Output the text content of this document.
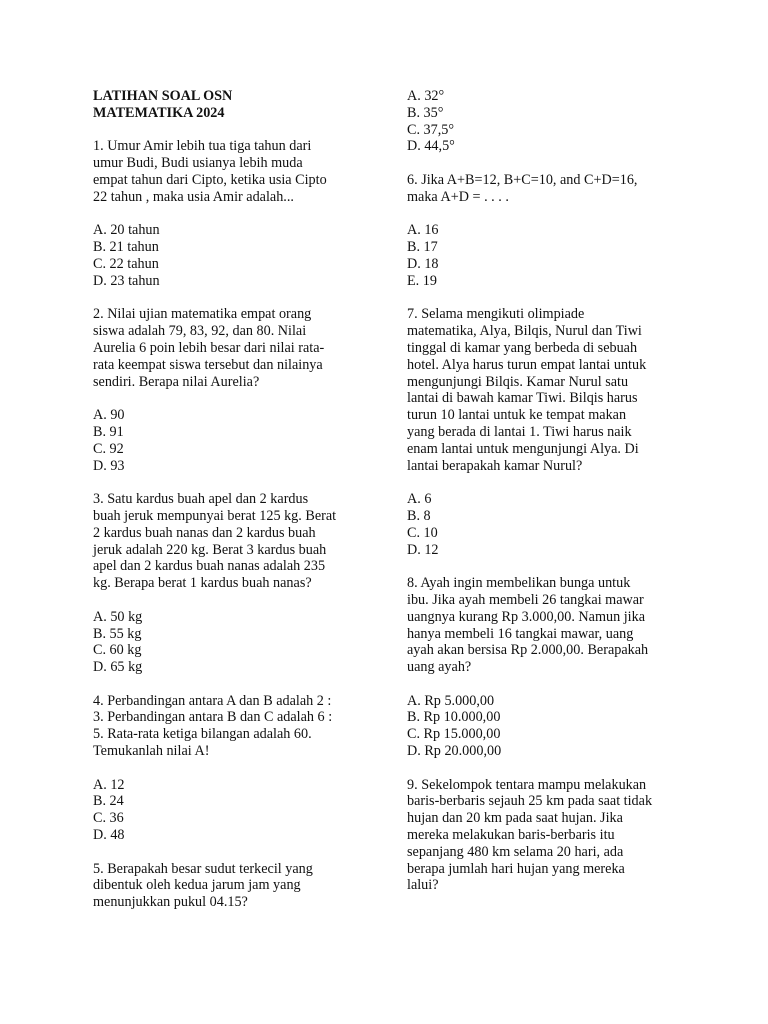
LATIHAN SOAL OSN
MATEMATIKA 2024
1. Umur Amir lebih tua tiga tahun dari
umur Budi, Budi usianya lebih muda
empat tahun dari Cipto, ketika usia Cipto
22 tahun , maka usia Amir adalah...
A. 20 tahun
B. 21 tahun
C. 22 tahun
D. 23 tahun
2. Nilai ujian matematika empat orang
siswa adalah 79, 83, 92, dan 80. Nilai
Aurelia 6 poin lebih besar dari nilai rata-
rata keempat siswa tersebut dan nilainya
sendiri. Berapa nilai Aurelia?
A. 90
B. 91
C. 92
D. 93
3. Satu kardus buah apel dan 2 kardus
buah jeruk mempunyai berat 125 kg. Berat
2 kardus buah nanas dan 2 kardus buah
jeruk adalah 220 kg. Berat 3 kardus buah
apel dan 2 kardus buah nanas adalah 235
kg. Berapa berat 1 kardus buah nanas?
A. 50 kg
B. 55 kg
C. 60 kg
D. 65 kg
4. Perbandingan antara A dan B adalah 2 :
3. Perbandingan antara B dan C adalah 6 :
5. Rata-rata ketiga bilangan adalah 60.
Temukanlah nilai A!
A. 12
B. 24
C. 36
D. 48
5. Berapakah besar sudut terkecil yang
dibentuk oleh kedua jarum jam yang
menunjukkan pukul 04.15?
A. 32°
B. 35°
C. 37,5°
D. 44,5°
6. Jika A+B=12, B+C=10, and C+D=16,
maka A+D = . . . .
A. 16
B. 17
D. 18
E. 19
7. Selama mengikuti olimpiade
matematika, Alya, Bilqis, Nurul dan Tiwi
tinggal di kamar yang berbeda di sebuah
hotel. Alya harus turun empat lantai untuk
mengunjungi Bilqis. Kamar Nurul satu
lantai di bawah kamar Tiwi. Bilqis harus
turun 10 lantai untuk ke tempat makan
yang berada di lantai 1. Tiwi harus naik
enam lantai untuk mengunjungi Alya. Di
lantai berapakah kamar Nurul?
A. 6
B. 8
C. 10
D. 12
8. Ayah ingin membelikan bunga untuk
ibu. Jika ayah membeli 26 tangkai mawar
uangnya kurang Rp 3.000,00. Namun jika
hanya membeli 16 tangkai mawar, uang
ayah akan bersisa Rp 2.000,00. Berapakah
uang ayah?
A. Rp 5.000,00
B. Rp 10.000,00
C. Rp 15.000,00
D. Rp 20.000,00
9. Sekelompok tentara mampu melakukan
baris-berbaris sejauh 25 km pada saat tidak
hujan dan 20 km pada saat hujan. Jika
mereka melakukan baris-berbaris itu
sepanjang 480 km selama 20 hari, ada
berapa jumlah hari hujan yang mereka
lalui?
